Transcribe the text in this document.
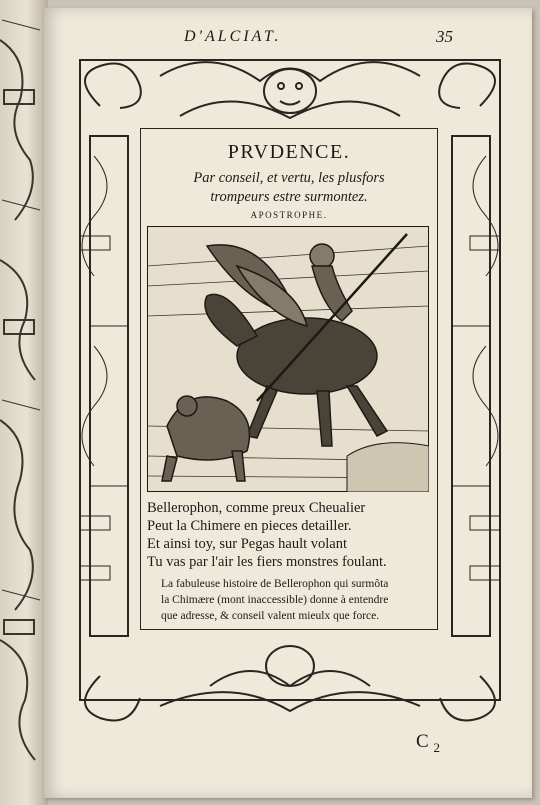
D'ALCIAT.	35
PRVDENCE.
Par conseil, et vertu, les plusfors
trompeurs estre surmontez.
APOSTROPHE.
Bellerophon, comme preux Cheualier
Peut la Chimere en pieces detailler.
Et ainsi toy, sur Pegas hault volant
Tu vas par l'air les fiers monstres foulant.
La fabuleuse histoire de Bellerophon qui surmôta
la Chimære (mont inaccessible) donne à entendre
que adresse, & conseil valent mieulx que force.
C $_2$
